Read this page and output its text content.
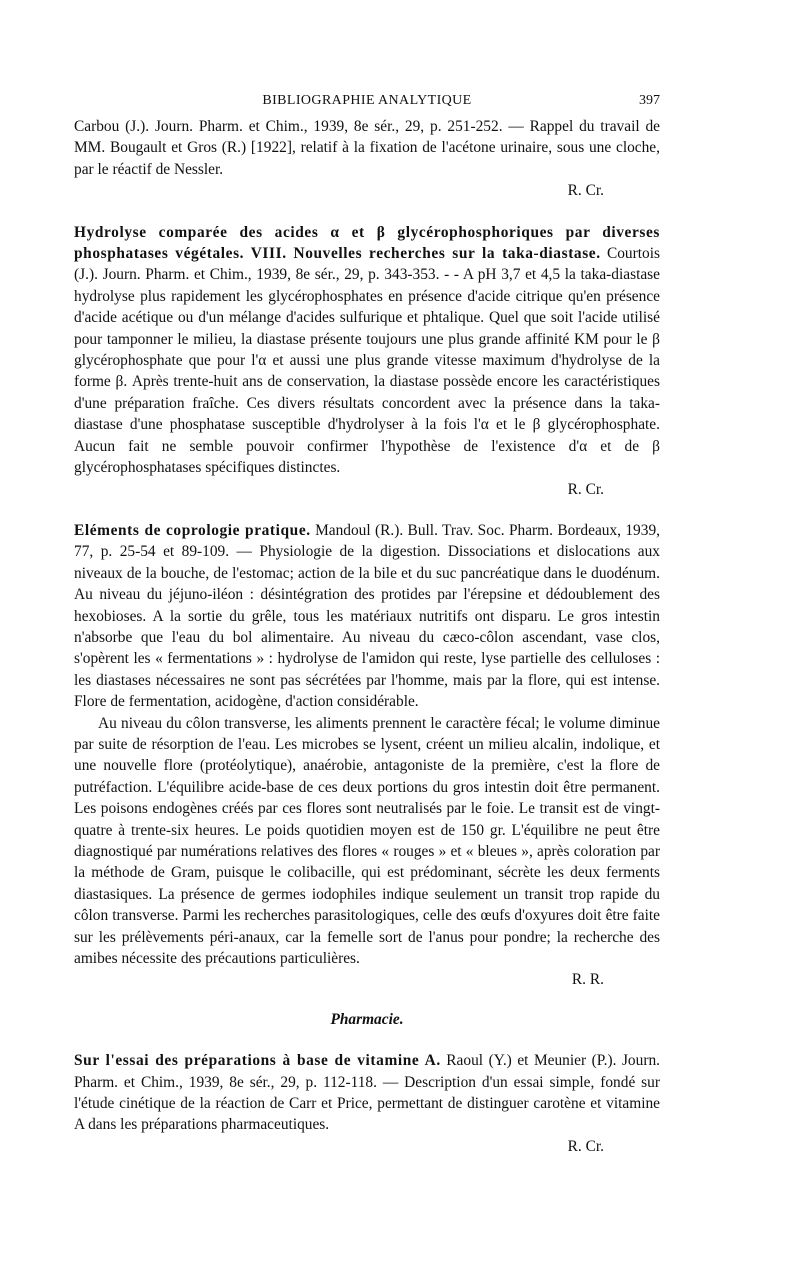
BIBLIOGRAPHIE ANALYTIQUE	397

Carbou (J.). Journ. Pharm. et Chim., 1939, 8e sér., 29, p. 251-252. — Rappel du travail de MM. Bougault et Gros (R.) [1922], relatif à la fixation de l'acétone urinaire, sous une cloche, par le réactif de Nessler.

R. Cr.

Hydrolyse comparée des acides α et β glycérophosphoriques par diverses phosphatases végétales. VIII. Nouvelles recherches sur la taka-diastase. Courtois (J.). Journ. Pharm. et Chim., 1939, 8e sér., 29, p. 343-353. - - A pH 3,7 et 4,5 la taka-diastase hydrolyse plus rapidement les glycérophosphates en présence d'acide citrique qu'en présence d'acide acétique ou d'un mélange d'acides sulfurique et phtalique. Quel que soit l'acide utilisé pour tamponner le milieu, la diastase présente toujours une plus grande affinité KM pour le β glycérophosphate que pour l'α et aussi une plus grande vitesse maximum d'hydrolyse de la forme β. Après trente-huit ans de conservation, la diastase possède encore les caractéristiques d'une préparation fraîche. Ces divers résultats concordent avec la présence dans la taka-diastase d'une phosphatase susceptible d'hydrolyser à la fois l'α et le β glycérophosphate. Aucun fait ne semble pouvoir confirmer l'hypothèse de l'existence d'α et de β glycérophosphatases spécifiques distinctes.

R. Cr.

Eléments de coprologie pratique. Mandoul (R.). Bull. Trav. Soc. Pharm. Bordeaux, 1939, 77, p. 25-54 et 89-109. — Physiologie de la digestion. Dissociations et dislocations aux niveaux de la bouche, de l'estomac; action de la bile et du suc pancréatique dans le duodénum. Au niveau du jéjuno-iléon : désintégration des protides par l'érepsine et dédoublement des hexobioses. A la sortie du grêle, tous les matériaux nutritifs ont disparu. Le gros intestin n'absorbe que l'eau du bol alimentaire. Au niveau du cæco-côlon ascendant, vase clos, s'opèrent les « fermentations » : hydrolyse de l'amidon qui reste, lyse partielle des celluloses : les diastases nécessaires ne sont pas sécrétées par l'homme, mais par la flore, qui est intense. Flore de fermentation, acidogène, d'action considérable.

Au niveau du côlon transverse, les aliments prennent le caractère fécal; le volume diminue par suite de résorption de l'eau. Les microbes se lysent, créent un milieu alcalin, indolique, et une nouvelle flore (protéolytique), anaérobie, antagoniste de la première, c'est la flore de putréfaction. L'équilibre acide-base de ces deux portions du gros intestin doit être permanent. Les poisons endogènes créés par ces flores sont neutralisés par le foie. Le transit est de vingt-quatre à trente-six heures. Le poids quotidien moyen est de 150 gr. L'équilibre ne peut être diagnostiqué par numérations relatives des flores « rouges » et « bleues », après coloration par la méthode de Gram, puisque le colibacille, qui est prédominant, sécrète les deux ferments diastasiques. La présence de germes iodophiles indique seulement un transit trop rapide du côlon transverse. Parmi les recherches parasitologiques, celle des œufs d'oxyures doit être faite sur les prélèvements péri-anaux, car la femelle sort de l'anus pour pondre; la recherche des amibes nécessite des précautions particulières.

R. R.
Pharmacie.

Sur l'essai des préparations à base de vitamine A. Raoul (Y.) et Meunier (P.). Journ. Pharm. et Chim., 1939, 8e sér., 29, p. 112-118. — Description d'un essai simple, fondé sur l'étude cinétique de la réaction de Carr et Price, permettant de distinguer carotène et vitamine A dans les préparations pharmaceutiques.

R. Cr.
